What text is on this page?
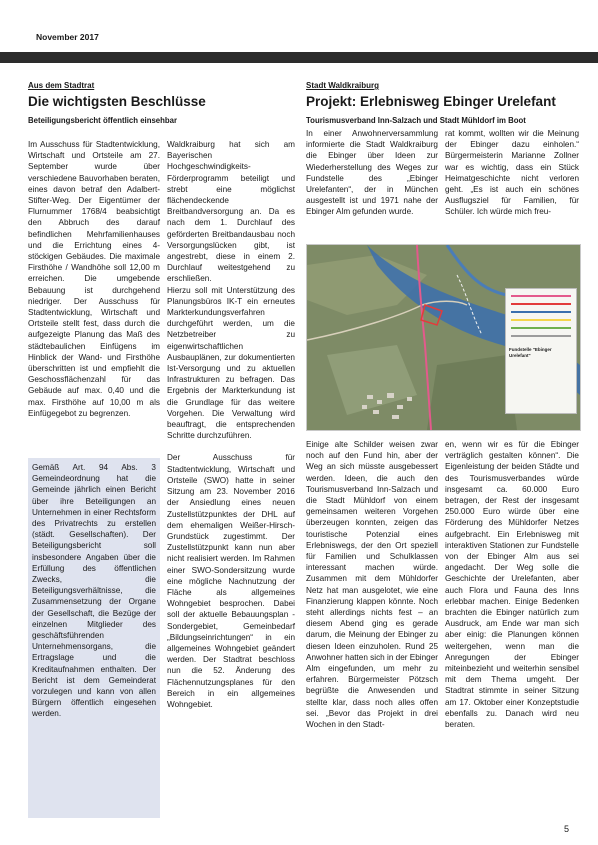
November 2017
Aus dem Stadtrat
Die wichtigsten Beschlüsse
Beteiligungsbericht öffentlich einsehbar

Im Ausschuss für Stadtentwicklung, Wirtschaft und Ortsteile am 27. September wurde über verschiedene Bauvorhaben beraten, eines davon betraf den Adalbert-Stifter-Weg. Der Eigentümer der Flurnummer 1768/4 beabsichtigt den Abbruch des darauf befindlichen Mehrfamilienhauses und die Errichtung eines 4-stöckigen Gebäudes. Die maximale Firsthöhe / Wandhöhe soll 12,00 m erreichen. Die umgebende Bebauung ist durchgehend niedriger. Der Ausschuss für Stadtentwicklung, Wirtschaft und Ortsteile stellt fest, dass durch die aufgezeigte Planung das Maß des städtebaulichen Einfügens im Hinblick der Wand- und Firsthöhe überschritten ist und empfiehlt die Geschossflächenzahl für das Gebäude auf max. 0,40 und die max. Firsthöhe auf 10,00 m als Einfügegebot zu begrenzen.

Gemäß Art. 94 Abs. 3 Gemeindeordnung hat die Gemeinde jährlich einen Bericht über ihre Beteiligungen an Unternehmen in einer Rechtsform des Privatrechts zu erstellen (städt. Gesellschaften). Der Beteiligungsbericht soll insbesondere Angaben über die Erfüllung des öffentlichen Zwecks, die Beteiligungsverhältnisse, die Zusammensetzung der Organe der Gesellschaft, die Bezüge der einzelnen Mitglieder des geschäftsführenden Unternehmensorgans, die Ertragslage und die Kreditaufnahmen enthalten. Der Bericht ist dem Gemeinderat vorzulegen und kann von allen Bürgern öffentlich eingesehen werden.

Waldkraiburg hat sich am Bayerischen Hochgeschwindigkeits-Förderprogramm beteiligt und strebt eine möglichst flächendeckende Breitbandversorgung an. Da es nach dem 1. Durchlauf des geförderten Breitbandausbau noch Versorgungslücken gibt, ist angestrebt, diese in einem 2. Durchlauf weitestgehend zu erschließen.

Hierzu soll mit Unterstützung des Planungsbüros IK-T ein erneutes Markterkundungsverfahren durchgeführt werden, um die Netzbetreiber zu eigenwirtschaftlichen Ausbauplänen, zur dokumentierten Ist-Versorgung und zu aktuellen Infrastrukturen zu befragen. Das Ergebnis der Markterkundung ist die Grundlage für das weitere Vorgehen. Die Verwaltung wird beauftragt, die entsprechenden Schritte durchzuführen.

Der Ausschuss für Stadtentwicklung, Wirtschaft und Ortsteile (SWO) hatte in seiner Sitzung am 23. November 2016 der Ansiedlung eines neuen Zustellstützpunktes der DHL auf dem ehemaligen Weißer-Hirsch-Grundstück zugestimmt. Der Zustellstützpunkt kann nun aber nicht realisiert werden. Im Rahmen einer SWO-Sondersitzung wurde eine mögliche Nachnutzung der Fläche als allgemeines Wohngebiet besprochen. Dabei soll der aktuelle Bebauungsplan - Sondergebiet, Gemeinbedarf „Bildungseinrichtungen“ in ein allgemeines Wohngebiet geändert werden. Der Stadtrat beschloss nun die 52. Änderung des Flächennutzungsplanes für den Bereich in ein allgemeines Wohngebiet.

Stadt Waldkraiburg
Projekt: Erlebnisweg Ebinger Urelefant
Tourismusverband Inn-Salzach und Stadt Mühldorf im Boot

In einer Anwohnerversammlung informierte die Stadt Waldkraiburg die Ebinger über Ideen zur Wiederherstellung des Weges zur Fundstelle des „Ebinger Urelefanten“, der in München ausgestellt ist und 1971 nahe der Ebinger Alm gefunden wurde.

rat kommt, wollten wir die Meinung der Ebinger dazu einholen.“ Bürgermeisterin Marianne Zollner war es wichtig, dass ein Stück Heimatgeschichte nicht verloren geht. „Es ist auch ein schönes Ausflugsziel für Familien, für Schüler. Ich würde mich freu-

Fundstelle "Ebinger Urelefant"

Einige alte Schilder weisen zwar noch auf den Fund hin, aber der Weg an sich müsste ausgebessert werden. Ideen, die auch den Tourismusverband Inn-Salzach und die Stadt Mühldorf von einem gemeinsamen weiteren Vorgehen überzeugen konnten, zeigen das touristische Potenzial eines Erlebniswegs, der den Ort speziell für Familien und Schulklassen interessant machen würde. Zusammen mit dem Mühldorfer Netz hat man ausgelotet, wie eine Finanzierung klappen könnte. Noch steht allerdings nichts fest – an diesem Abend ging es gerade darum, die Meinung der Ebinger zu diesen Ideen einzuholen. Rund 25 Anwohner hatten sich in der Ebinger Alm eingefunden, um mehr zu erfahren. Bürgermeister Pötzsch begrüßte die Anwesenden und stellte klar, dass noch alles offen sei. „Bevor das Projekt in drei Wochen in den Stadt-

en, wenn wir es für die Ebinger verträglich gestalten können“. Die Eigenleistung der beiden Städte und des Tourismusverbandes würde insgesamt ca. 60.000 Euro betragen, der Rest der insgesamt 250.000 Euro würde über eine Förderung des Mühldorfer Netzes aufgebracht. Ein Erlebnisweg mit interaktiven Stationen zur Fundstelle von der Ebinger Alm aus sei angedacht. Der Weg solle die Geschichte der Urelefanten, aber auch Flora und Fauna des Inns erlebbar machen. Einige Bedenken brachten die Ebinger natürlich zum Ausdruck, am Ende war man sich aber einig: die Planungen können weitergehen, wenn man die Anregungen der Ebinger miteinbezieht und weiterhin sensibel mit dem Thema umgeht. Der Stadtrat stimmte in seiner Sitzung am 17. Oktober einer Konzeptstudie ebenfalls zu. Danach wird neu beraten.

5
